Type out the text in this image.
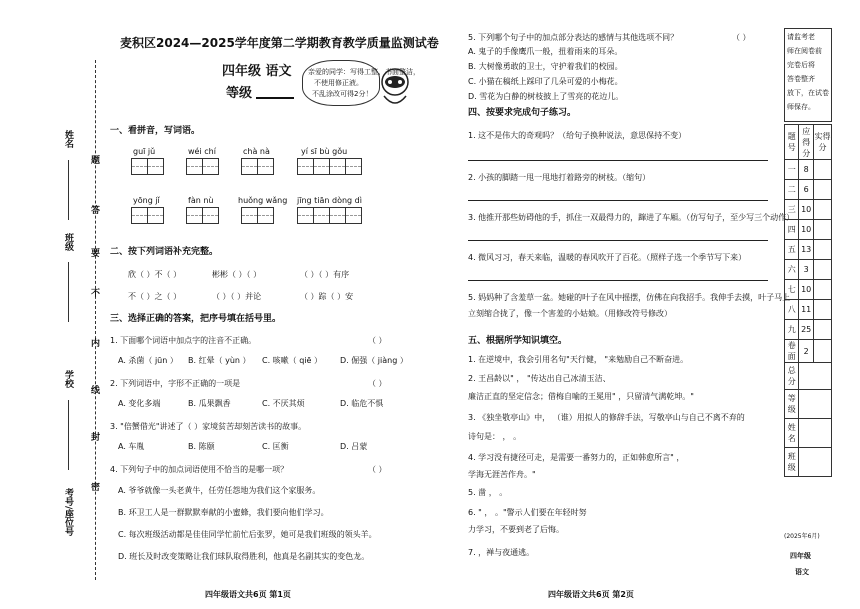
姓名
班级
学校
考号/座位号
题
答
要
不
内
线
封
密
麦积区2024—2025学年度第二学期教育教学质量监测试卷
四年级 语文
等级
亲爱的同学：写得工整、书面整洁，
不使用修正液。
不乱涂改可得2分！
一、看拼音，写词语。
guī jǔ	wéi chí	chà nà	yí sī bù gǒu
yōng jǐ	fàn nù	huǒng wǎng jīng tiān dòng dì
二、按下列词语补充完整。
欣（ ）不（ ）	彬彬（ ）（ ）	（ ）（ ）有序
不（ ）之（ ）	（ ）（ ）并论	（ ）踪（ ）安
三、选择正确的答案，把序号填在括号里。
1. 下面哪个词语中加点字的注音不正确。	（ ）
A. 杀菌（ jūn ） B. 红晕（ yùn ） C. 咳嗽（ qiē ） D. 倔强（ jiàng ）
2. 下列词语中，字形不正确的一项是	（ ）
A. 变化多端	B. 瓜果飘香	C. 不厌其烦	D. 临危不惧
3. "倍蟹借光"讲述了（ ）家境贫苦却刻苦读书的故事。
A. 车胤	B. 陈颐	C. 匡衡	D. 吕蒙
4. 下列句子中的加点词语使用不恰当的是哪一项？	（ ）
A. 爷爷就像一头老黄牛，任劳任怨地为我们这个家服务。
B. 环卫工人是一群默默奉献的小蜜蜂，我们要向他们学习。
C. 每次班级活动都是佳佳同学忙前忙后张罗，她可是我们班级的领头羊。
D. 班长及时改变策略让我们球队取得胜利，他真是名副其实的变色龙。
四年级语文共6页 第1页
5. 下列哪个句子中的加点部分表达的感情与其他选项不同？	（ ）
A. 鬼子的手像鹰爪一般，扭着雨来的耳朵。
B. 大树像勇敢的卫士，守护着我们的校园。
C. 小猫在稿纸上踩印了几朵可爱的小梅花。
D. 雪花为白静的树枝披上了雪亮的花边儿。
四、按要求完成句子练习。
1. 这不是伟大的奇观吗？（给句子换种说法，意思保持不变）
2. 小孩的脚踏一甩一甩地打着路旁的树枝。（缩句）
3. 他推开那些妨碍他的手，抓住一双最得力的，蹿进了车厢。（仿写句子，至少写三个动作）
4. 微风习习，春天来临，温暖的春风吹开了百花。（照样子选一个季节写下来）
5. 妈妈种了含羞草一盆。她碰的叶子在风中摇摆，仿佛在向我招手。我伸手去摸，叶子马上
立刻缩合拢了，像一个害羞的小姑娘。（用修改符号修改）
五、根据所学知识填空。
1. 在逆境中，我会引用名句"天行健， "来勉励自己不断奋进。
2. 王昌龄以" ， "传达出自己冰清玉洁、
廉洁正直的坚定信念；借梅自喻的王冕用" ，只留清气满乾坤。"
3. 《独坐敬亭山》中， （谁）用拟人的修辞手法，写敬亭山与自己不离不弃的
诗句是： ， 。
4. 学习没有捷径可走，是需要一番努力的，正如韩愈所言" ，
学海无涯苦作舟。"
5. 凿 ， 。
6. " ， 。"警示人们要在年轻时努
力学习，不要到老了后悔。
7. ，禅与夜通逃。
四年级语文共6页 第2页
请监考老
师在阅卷前
完卷后将
答卷整齐
放下，在试卷
师保存。
题号	应得分	实得分
一	8	
二	6	
三	10	
四	10	
五	13	
六	3	
七	10	
八	11	
九	25	
卷面	2	
总分		
等级		
姓名		
班级		
(2025年6月)
四年级
语文
